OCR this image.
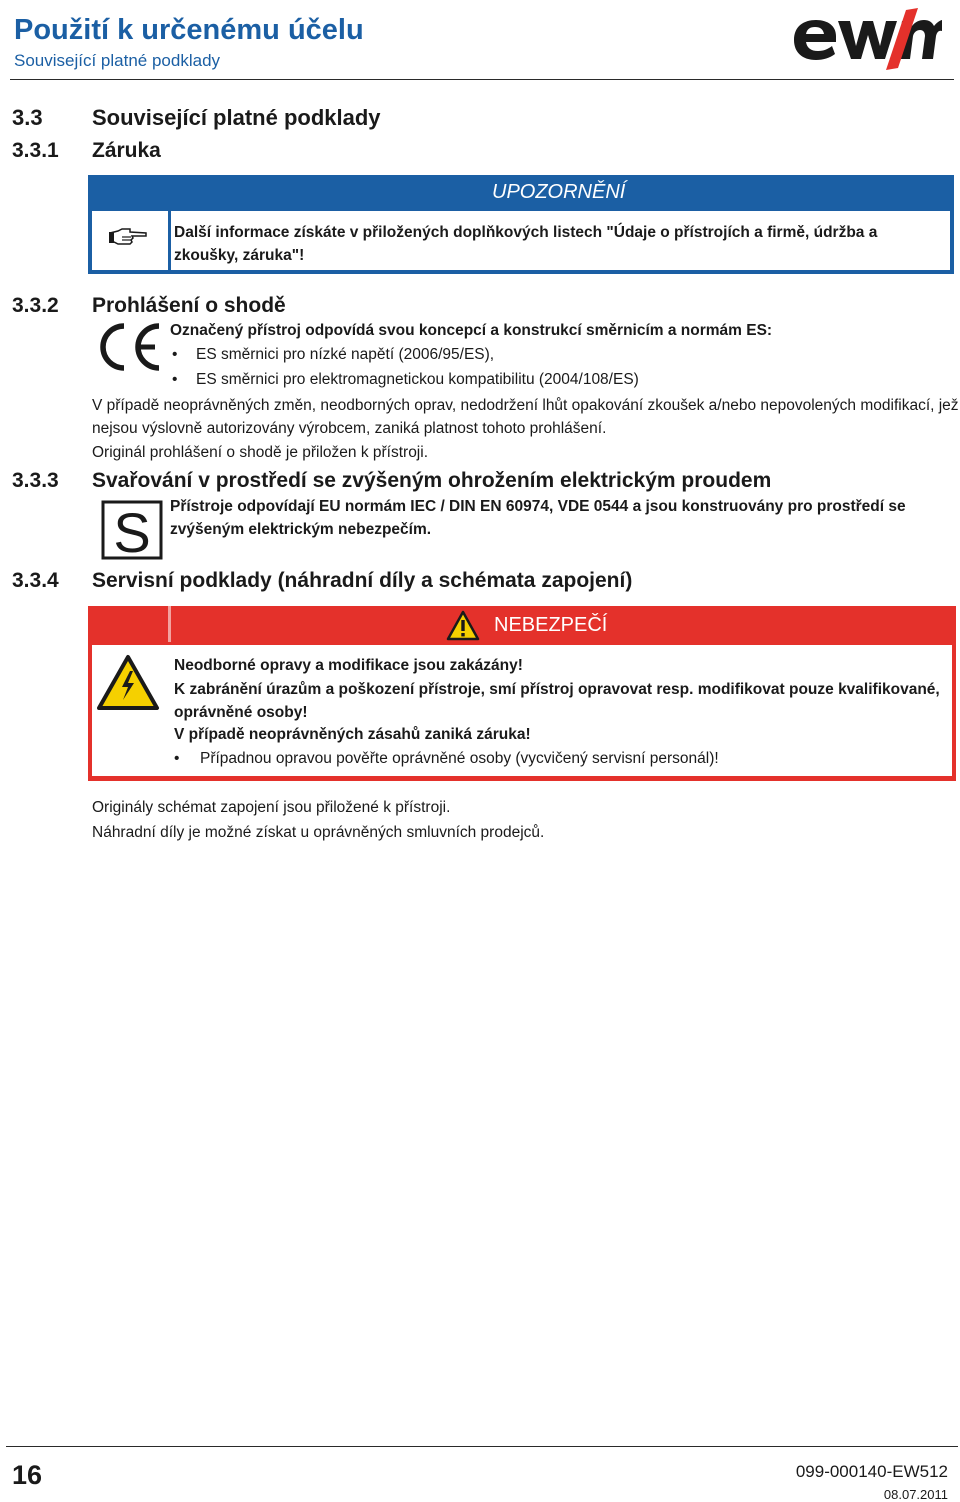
Použití k určenému účelu
Související platné podklady
3.3 Související platné podklady
3.3.1 Záruka
UPOZORNĚNÍ
Další informace získáte v přiložených doplňkových listech "Údaje o přístrojích a firmě, údržba a zkoušky, záruka"!
3.3.2 Prohlášení o shodě
Označený přístroj odpovídá svou koncepcí a konstrukcí směrnicím a normám ES:
• ES směrnici pro nízké napětí (2006/95/ES),
• ES směrnici pro elektromagnetickou kompatibilitu (2004/108/ES)
V případě neoprávněných změn, neodborných oprav, nedodržení lhůt opakování zkoušek a/nebo nepovolených modifikací, jež
nejsou výslovně autorizovány výrobcem, zaniká platnost tohoto prohlášení.
Originál prohlášení o shodě je přiložen k přístroji.
3.3.3 Svařování v prostředí se zvýšeným ohrožením elektrickým proudem
S Přístroje odpovídají EU normám IEC / DIN EN 60974, VDE 0544 a jsou konstruovány pro prostředí se
zvýšeným elektrickým nebezpečím.
3.3.4 Servisní podklady (náhradní díly a schémata zapojení)
NEBEZPEČÍ
Neodborné opravy a modifikace jsou zakázány!
K zabránění úrazům a poškození přístroje, smí přístroj opravovat resp. modifikovat pouze kvalifikované,
oprávněné osoby!
V případě neoprávněných zásahů zaniká záruka!
• Případnou opravou pověřte oprávněné osoby (vycvičený servisní personál)!
Originály schémat zapojení jsou přiložené k přístroji.
Náhradní díly je možné získat u oprávněných smluvních prodejců.
16	099-000140-EW512
08.07.2011
